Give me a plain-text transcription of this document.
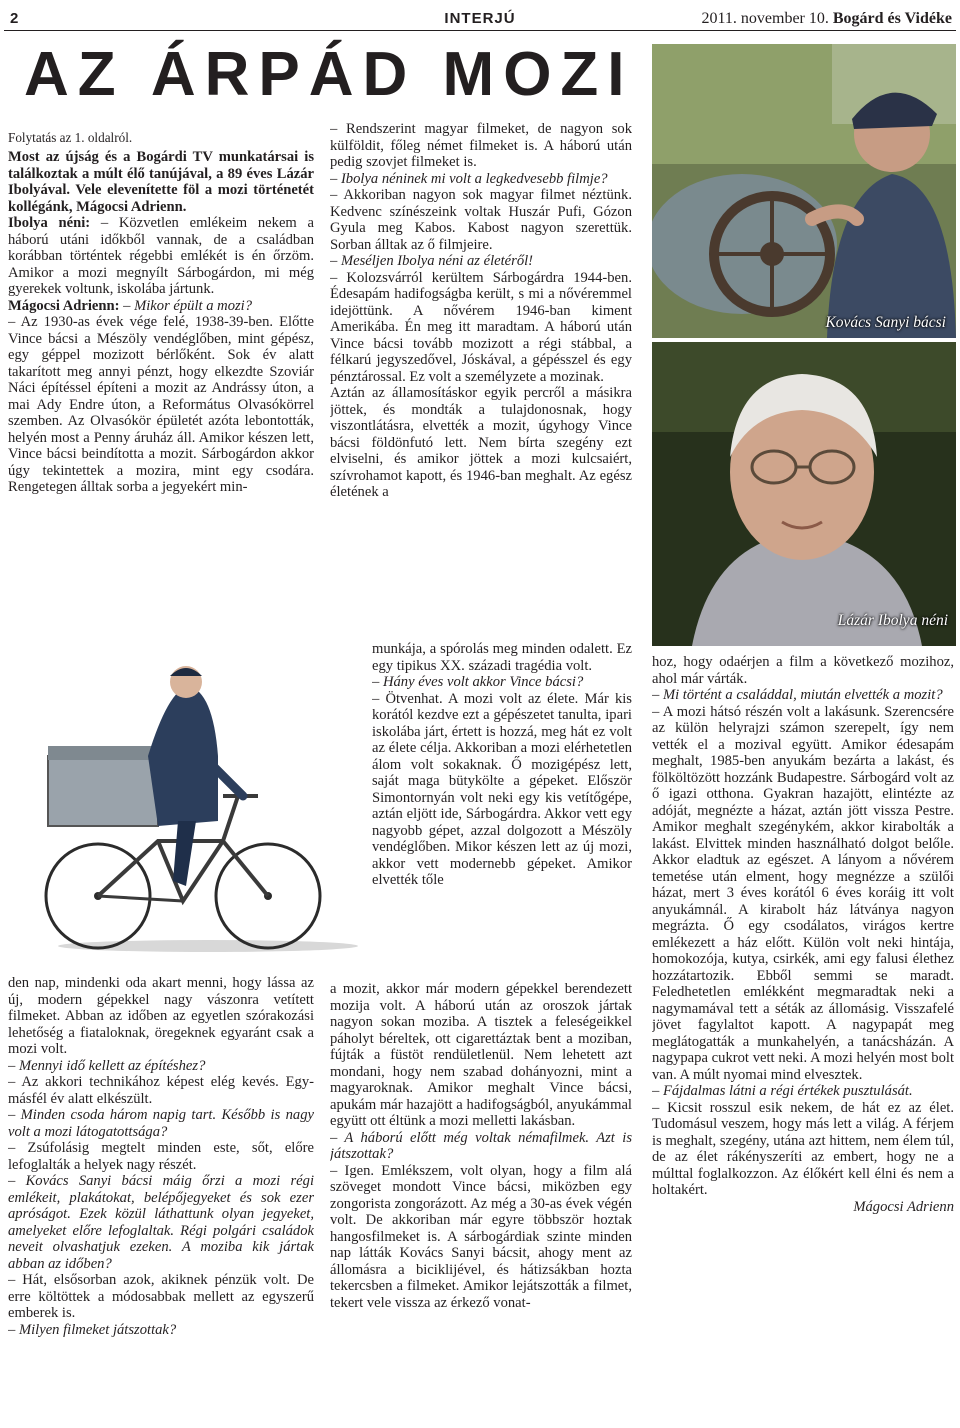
2	INTERJÚ	2011. november 10. Bogárd és Vidéke
AZ ÁRPÁD MOZI

Folytatás az 1. oldalról.

Most az újság és a Bogárdi TV munkatársai is találkoztak a múlt élő tanújával, a 89 éves Lázár Ibolyával. Vele elevenítette föl a mozi történetét kollégánk, Mágocsi Adrienn.

Ibolya néni: – Közvetlen emlékeim nekem a háború utáni időkből vannak, de a családban korábban történtek régebbi emlékét is én őrzöm. Amikor a mozi megnyílt Sárbogárdon, mi még gyerekek voltunk, iskolába jártunk.

Mágocsi Adrienn: – Mikor épült a mozi?

– Az 1930-as évek vége felé, 1938-39-ben. Előtte Vince bácsi a Mészöly vendéglőben, mint gépész, egy géppel mozizott bérlőként. Sok év alatt takarított meg annyi pénzt, hogy elkezdte Szoviár Náci építéssel építeni a mozit az Andrássy úton, a mai Ady Endre úton, a Református Olvasókörrel szemben. Az Olvasókör épületét azóta lebontották, helyén most a Penny áruház áll. Amikor készen lett, Vince bácsi beindította a mozit. Sárbogárdon akkor úgy tekintettek a mozira, mint egy csodára. Rengetegen álltak sorba a jegyekért min-

den nap, mindenki oda akart menni, hogy lássa az új, modern gépekkel nagy vászonra vetített filmeket. Abban az időben az egyetlen szórakozási lehetőség a fiataloknak, öregeknek egyaránt csak a mozi volt.

– Mennyi idő kellett az építéshez?

– Az akkori technikához képest elég kevés. Egy-másfél év alatt elkészült.

– Minden csoda három napig tart. Később is nagy volt a mozi látogatottsága?

– Zsúfolásig megtelt minden este, sőt, előre lefoglalták a helyek nagy részét.

– Kovács Sanyi bácsi máig őrzi a mozi régi emlékeit, plakátokat, belépőjegyeket és sok ezer apróságot. Ezek közül láthattunk olyan jegyeket, amelyeket előre lefoglaltak. Régi polgári családok neveit olvashatjuk ezeken. A moziba kik jártak abban az időben?

– Hát, elsősorban azok, akiknek pénzük volt. De erre költöttek a módosabbak mellett az egyszerű emberek is.

– Milyen filmeket játszottak?

– Rendszerint magyar filmeket, de nagyon sok külföldit, főleg német filmeket is. A háború után pedig szovjet filmeket is.

– Ibolya néninek mi volt a legkedvesebb filmje?

– Akkoriban nagyon sok magyar filmet néztünk. Kedvenc színészeink voltak Huszár Pufi, Gózon Gyula meg Kabos. Kabost nagyon szerettük. Sorban álltak az ő filmjeire.

– Meséljen Ibolya néni az életéről!

– Kolozsvárról kerültem Sárbogárdra 1944-ben. Édesapám hadifogságba került, s mi a nővéremmel idejöttünk. A nővérem 1946-ban kiment Amerikába. Én meg itt maradtam. A háború után Vince bácsi tovább mozizott a régi stábbal, a félkarú jegyszedővel, Jóskával, a gépésszel és egy pénztárossal. Ez volt a személyzete a mozinak.

Aztán az államosításkor egyik percről a másikra jöttek, és mondták a tulajdonosnak, hogy viszontlátásra, elvették a mozit, úgyhogy Vince bácsi földönfutó lett. Nem bírta szegény ezt elviselni, és amikor jöttek a mozi kulcsaiért, szívrohamot kapott, és 1946-ban meghalt. Az egész életének a

munkája, a spórolás meg minden odalett. Ez egy tipikus XX. századi tragédia volt.

– Hány éves volt akkor Vince bácsi?

– Ötvenhat. A mozi volt az élete. Már kis korától kezdve ezt a gépészetet tanulta, ipari iskolába járt, értett is hozzá, meg hát ez volt az élete célja. Akkoriban a mozi elérhetetlen álom volt sokaknak. Ő mozigépész lett, saját maga bütykölte a gépeket. Először Simontornyán volt neki egy kis vetítőgépe, aztán eljött ide, Sárbogárdra. Akkor vett egy nagyobb gépet, azzal dolgozott a Mészöly vendéglőben. Mikor készen lett az új mozi, akkor vett modernebb gépeket. Amikor elvették tőle

a mozit, akkor már modern gépekkel berendezett mozija volt. A háború után az oroszok jártak nagyon sokan moziba. A tisztek a feleségeikkel páholyt béreltek, ott cigarettáztak bent a moziban, fújták a füstöt rendületlenül. Nem lehetett azt mondani, hogy nem szabad dohányozni, mint a magyaroknak. Amikor meghalt Vince bácsi, apukám már hazajött a hadifogságból, anyukámmal együtt ott éltünk a mozi melletti lakásban.

– A háború előtt még voltak némafilmek. Azt is játszottak?

– Igen. Emlékszem, volt olyan, hogy a film alá szöveget mondott Vince bácsi, miközben egy zongorista zongorázott. Az még a 30-as évek végén volt. De akkoriban már egyre többször hoztak hangosfilmeket is. A sárbogárdiak szinte minden nap látták Kovács Sanyi bácsit, ahogy ment az állomásra a biciklijével, és hátizsákban hozta tekercsben a filmeket. Amikor lejátszották a filmet, tekert vele vissza az érkező vonat-

Kovács Sanyi bácsi
Lázár Ibolya néni

hoz, hogy odaérjen a film a következő mozihoz, ahol már várták.

– Mi történt a családdal, miután elvették a mozit?

– A mozi hátsó részén volt a lakásunk. Szerencsére az külön helyrajzi számon szerepelt, így nem vették el a mozival együtt. Amikor édesapám meghalt, 1985-ben anyukám bezárta a lakást, és fölköltözött hozzánk Budapestre. Sárbogárd volt az ő igazi otthona. Gyakran hazajött, elintézte az adóját, megnézte a házat, aztán jött vissza Pestre. Amikor meghalt szegénykém, akkor kirabolták a lakást. Elvittek minden használható dolgot belőle. Akkor eladtuk az egészet. A lányom a nővérem temetése után elment, hogy megnézze a szülői házat, mert 3 éves korától 6 éves koráig itt volt anyukámnál. A kirabolt ház látványa nagyon megrázta. Ő egy csodálatos, virágos kertre emlékezett a ház előtt. Külön volt neki hintája, homokozója, kutya, csirkék, ami egy falusi élethez hozzátartozik. Ebből semmi se maradt. Feledhetetlen emlékként megmaradtak neki a nagymamával tett a séták az állomásig. Visszafelé jövet fagylaltot kapott. A nagypapát meg meglátogatták a munkahelyén, a tanácsházán. A nagypapa cukrot vett neki. A mozi helyén most bolt van. A múlt nyomai mind elvesztek.

– Fájdalmas látni a régi értékek pusztulását.

– Kicsit rosszul esik nekem, de hát ez az élet. Tudomásul veszem, hogy más lett a világ. A férjem is meghalt, szegény, utána azt hittem, nem élem túl, de az élet rákényszeríti az embert, hogy ne a múlttal foglalkozzon. Az élőkért kell élni és nem a holtakért.

Mágocsi Adrienn
